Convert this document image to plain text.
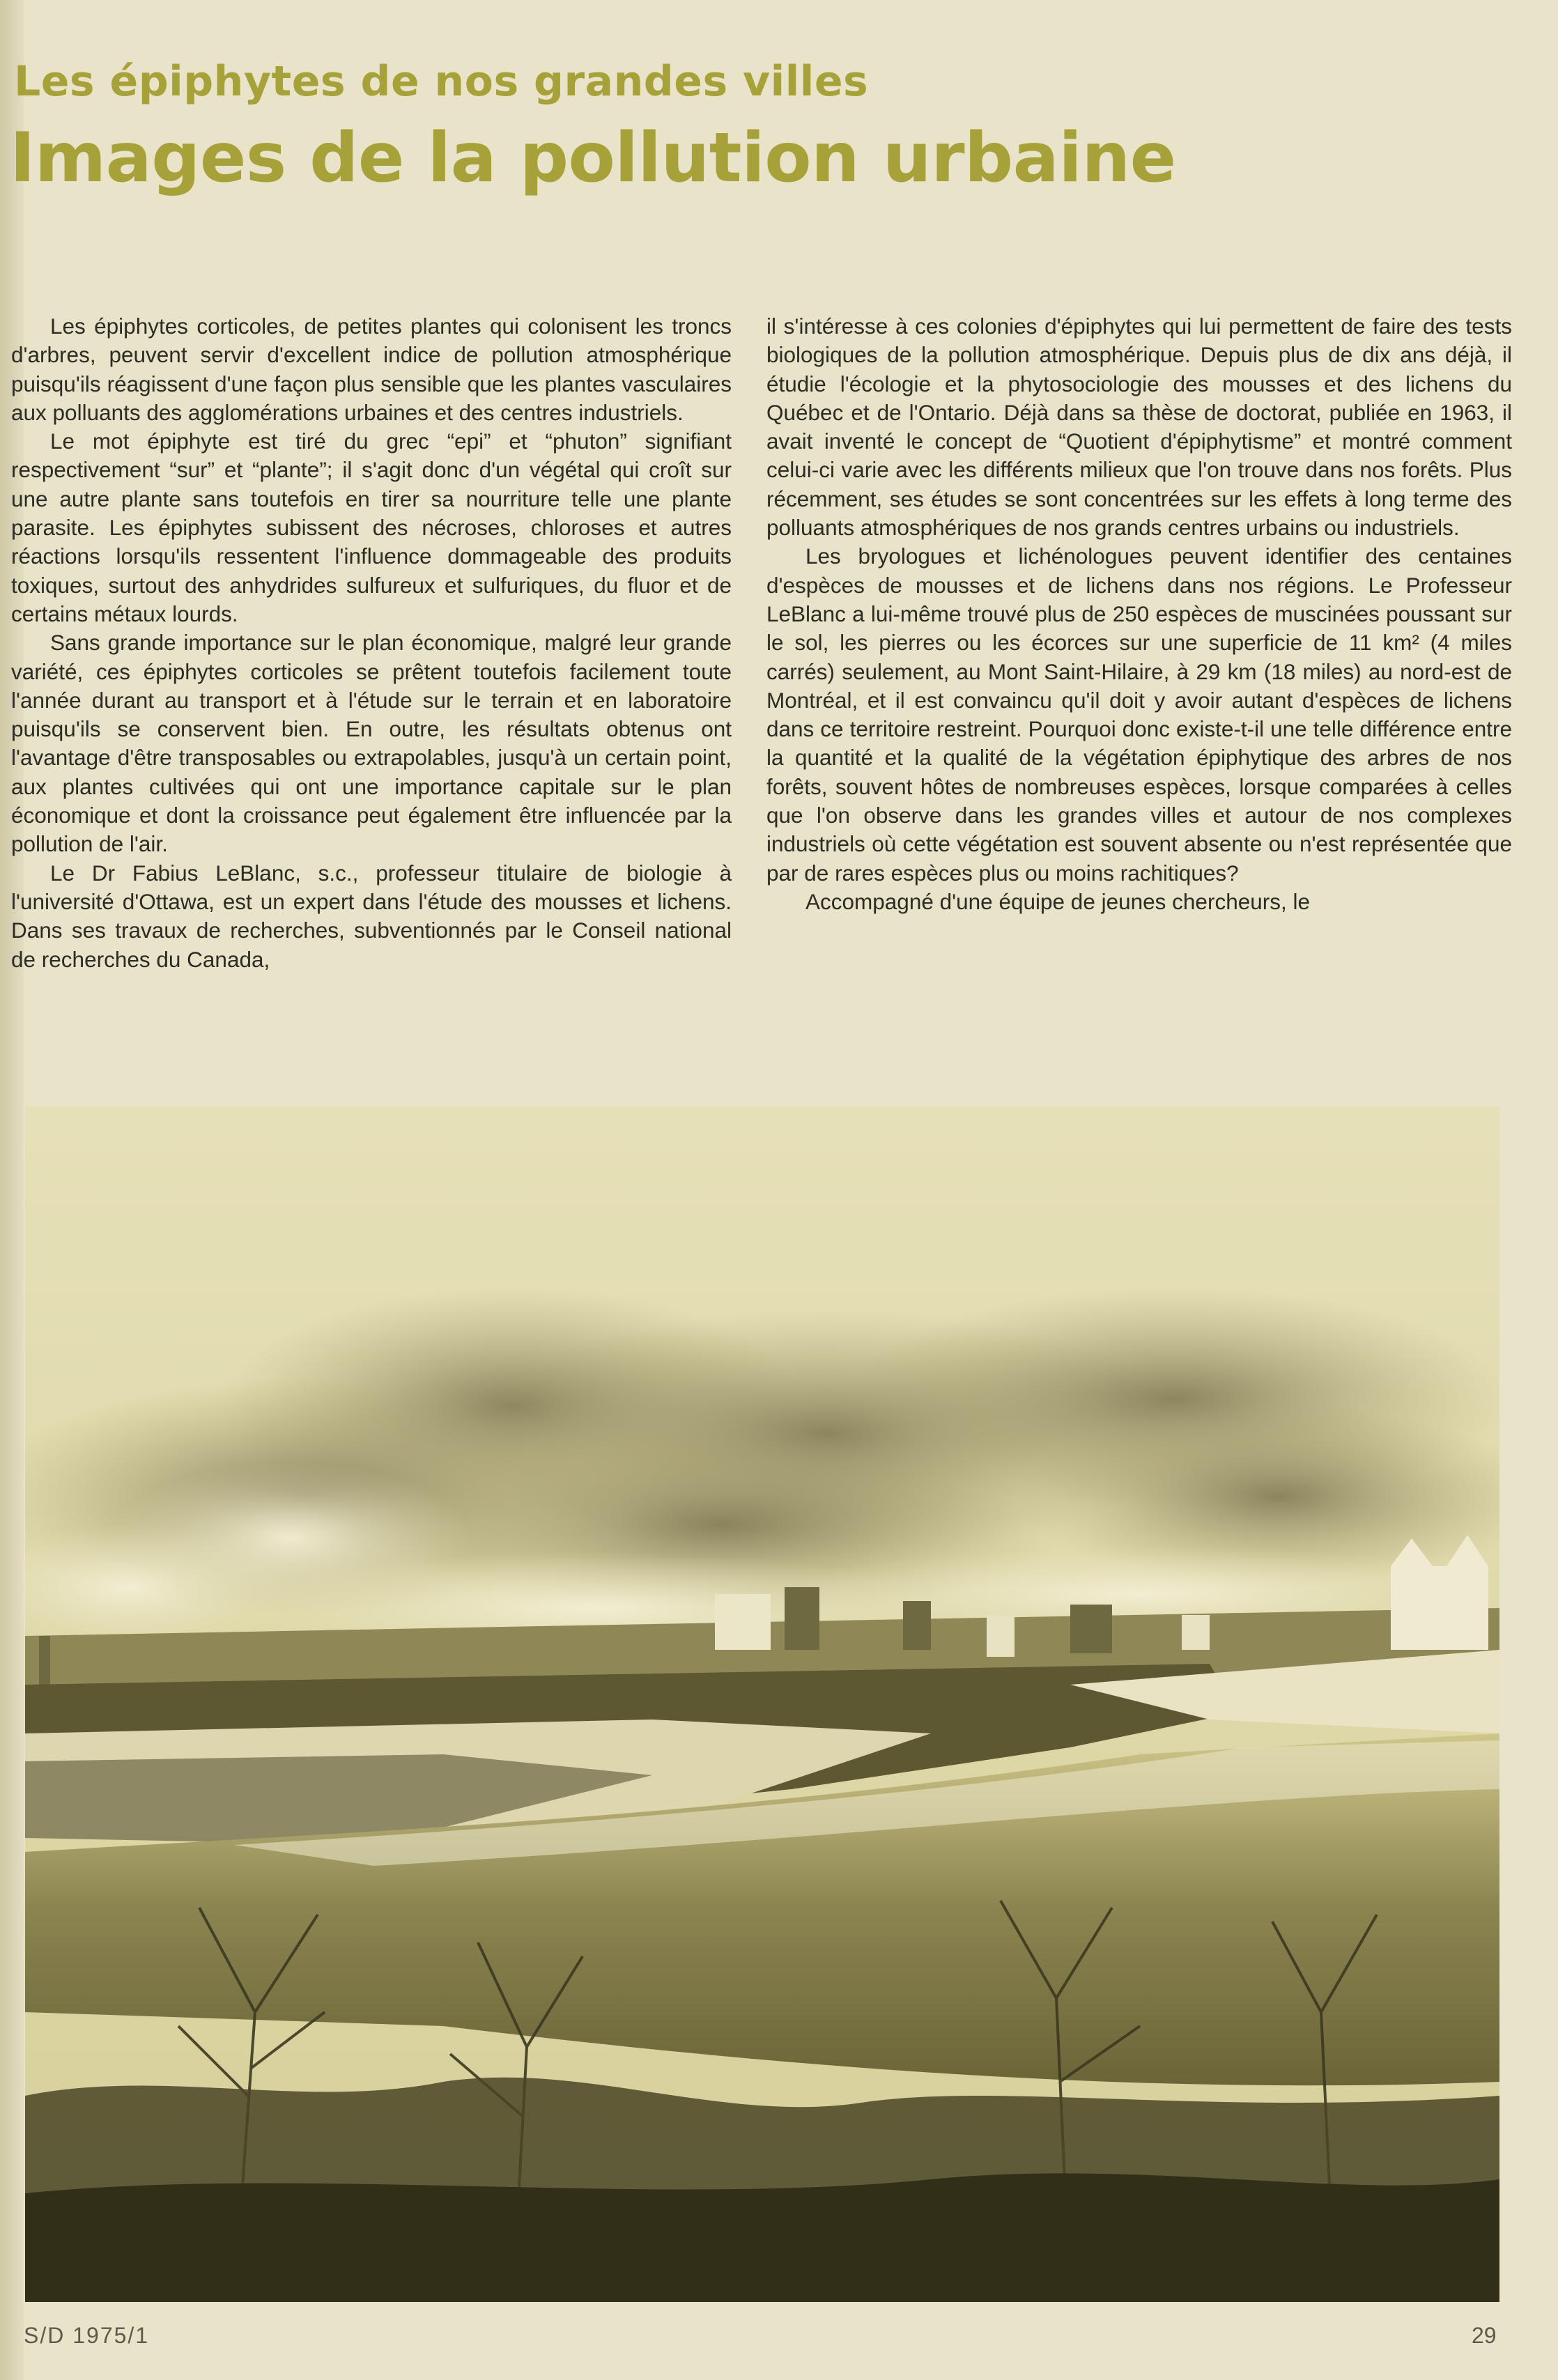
Les épiphytes de nos grandes villes
Images de la pollution urbaine

Les épiphytes corticoles, de petites plantes qui colonisent les troncs d'arbres, peuvent servir d'excellent indice de pollution atmosphérique puisqu'ils réagissent d'une façon plus sensible que les plantes vasculaires aux polluants des agglomérations urbaines et des centres industriels.

Le mot épiphyte est tiré du grec “epi” et “phuton” signifiant respectivement “sur” et “plante”; il s'agit donc d'un végétal qui croît sur une autre plante sans toutefois en tirer sa nourriture telle une plante parasite. Les épiphytes subissent des nécroses, chloroses et autres réactions lorsqu'ils ressentent l'influence dommageable des produits toxiques, surtout des anhydrides sulfureux et sulfuriques, du fluor et de certains métaux lourds.

Sans grande importance sur le plan économique, malgré leur grande variété, ces épiphytes corticoles se prêtent toutefois facilement toute l'année durant au transport et à l'étude sur le terrain et en laboratoire puisqu'ils se conservent bien. En outre, les résultats obtenus ont l'avantage d'être transposables ou extrapolables, jusqu'à un certain point, aux plantes cultivées qui ont une importance capitale sur le plan économique et dont la croissance peut également être influencée par la pollution de l'air.

Le Dr Fabius LeBlanc, s.c., professeur titulaire de biologie à l'université d'Ottawa, est un expert dans l'étude des mousses et lichens. Dans ses travaux de recherches, subventionnés par le Conseil national de recherches du Canada,

il s'intéresse à ces colonies d'épiphytes qui lui permettent de faire des tests biologiques de la pollution atmosphérique. Depuis plus de dix ans déjà, il étudie l'écologie et la phytosociologie des mousses et des lichens du Québec et de l'Ontario. Déjà dans sa thèse de doctorat, publiée en 1963, il avait inventé le concept de “Quotient d'épiphytisme” et montré comment celui-ci varie avec les différents milieux que l'on trouve dans nos forêts. Plus récemment, ses études se sont concentrées sur les effets à long terme des polluants atmosphériques de nos grands centres urbains ou industriels.

Les bryologues et lichénologues peuvent identifier des centaines d'espèces de mousses et de lichens dans nos régions. Le Professeur LeBlanc a lui-même trouvé plus de 250 espèces de muscinées poussant sur le sol, les pierres ou les écorces sur une superficie de 11 km² (4 miles carrés) seulement, au Mont Saint-Hilaire, à 29 km (18 miles) au nord-est de Montréal, et il est convaincu qu'il doit y avoir autant d'espèces de lichens dans ce territoire restreint. Pourquoi donc existe-t-il une telle différence entre la quantité et la qualité de la végétation épiphytique des arbres de nos forêts, souvent hôtes de nombreuses espèces, lorsque comparées à celles que l'on observe dans les grandes villes et autour de nos complexes industriels où cette végétation est souvent absente ou n'est représentée que par de rares espèces plus ou moins rachitiques?

Accompagné d'une équipe de jeunes chercheurs, le

S/D 1975/1	29
